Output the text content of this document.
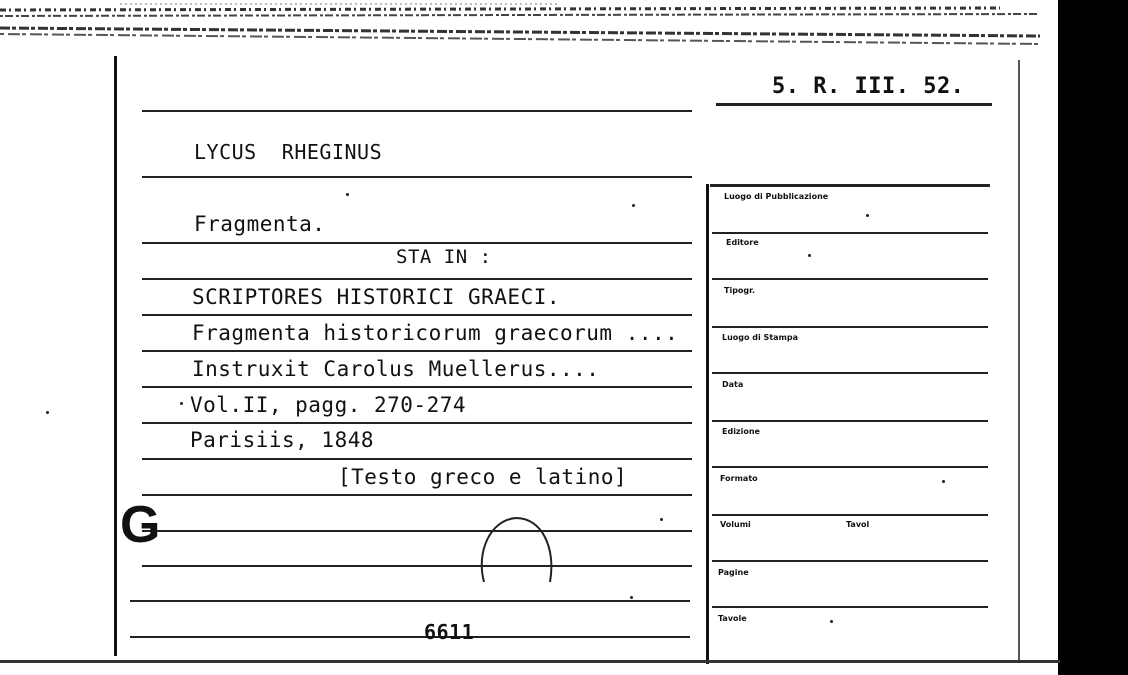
5. R. III. 52.
LYCUS  RHEGINUS
Fragmenta.
STA IN :
SCRIPTORES HISTORICI GRAECI.
Fragmenta historicorum graecorum ....
Instruxit Carolus Muellerus....
Vol.II, pagg. 270-274
Parisiis, 1848
[Testo greco e latino]
G
6611
Luogo di Pubblicazione
Editore
Tipogr.
Luogo di Stampa
Data
Edizione
Formato
Volumi	Tavol
Pagine
Tavole
